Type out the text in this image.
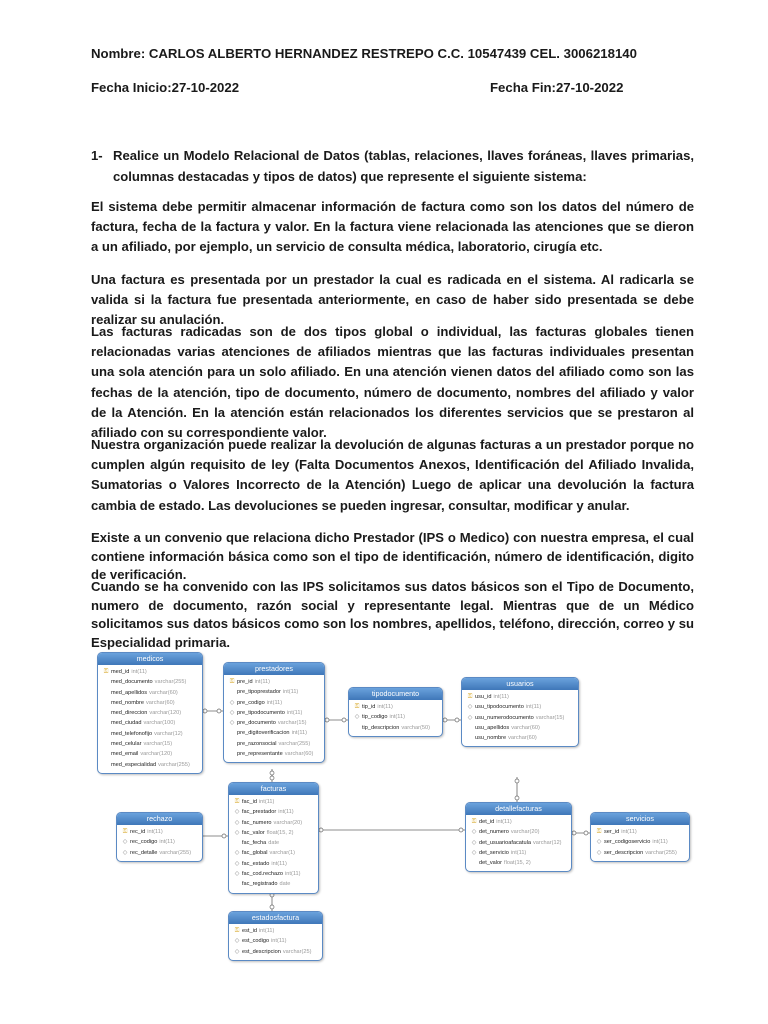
Nombre: CARLOS ALBERTO HERNANDEZ RESTREPO C.C. 10547439 CEL. 3006218140
Fecha Inicio:27-10-2022	Fecha Fin:27-10-2022
1- Realice un Modelo Relacional de Datos (tablas, relaciones, llaves foráneas, llaves primarias, columnas destacadas y tipos de datos) que represente el siguiente sistema:
El sistema debe permitir almacenar información de factura como son los datos del número de factura, fecha de la factura y valor. En la factura viene relacionada las atenciones que se dieron a un afiliado, por ejemplo, un servicio de consulta médica, laboratorio, cirugía etc.
Una factura es presentada por un prestador la cual es radicada en el sistema. Al radicarla se valida si la factura fue presentada anteriormente, en caso de haber sido presentada se debe realizar su anulación.
Las facturas radicadas son de dos tipos global o individual, las facturas globales tienen relacionadas varias atenciones de afiliados mientras que las facturas individuales presentan una sola atención para un solo afiliado. En una atención vienen datos del afiliado como son las fechas de la atención, tipo de documento, número de documento, nombres del afiliado y valor de la Atención. En la atención están relacionados los diferentes servicios que se prestaron al afiliado con su correspondiente valor.
Nuestra organización puede realizar la devolución de algunas facturas a un prestador porque no cumplen algún requisito de ley (Falta Documentos Anexos, Identificación del Afiliado Invalida, Sumatorias o Valores Incorrecto de la Atención) Luego de aplicar una devolución la factura cambia de estado. Las devoluciones se pueden ingresar, consultar, modificar y anular.
Existe a un convenio que relaciona dicho Prestador (IPS o Medico) con nuestra empresa, el cual contiene información básica como son el tipo de identificación, número de identificación, digito de verificación.
Cuando se ha convenido con las IPS solicitamos sus datos básicos son el Tipo de Documento, numero de documento, razón social y representante legal. Mientras que de un Médico solicitamos sus datos básicos como son los nombres, apellidos, teléfono, dirección, correo y su Especialidad primaria.
medicos
⚿ med_id int(11)
med_documento varchar(255)
med_apellidos varchar(60)
med_nombre varchar(60)
med_direccion varchar(120)
med_ciudad varchar(100)
med_telefonofijo varchar(12)
med_celular varchar(15)
med_email varchar(120)
med_especialidad varchar(255)
prestadores
⚿ pre_id int(11)
pre_tipoprestador int(11)
◇ pre_codigo int(11)
◇ pre_tipodocumento int(11)
◇ pre_documento varchar(15)
pre_digitoverificacion int(11)
pre_razonsocial varchar(255)
pre_representante varchar(60)
tipodocumento
⚿ tip_id int(11)
◇ tip_codigo int(11)
tip_descripcion varchar(50)
usuarios
⚿ usu_id int(11)
◇ usu_tipodocumento int(11)
◇ usu_numerodocumento varchar(15)
usu_apellidos varchar(60)
usu_nombre varchar(60)
facturas
⚿ fac_id int(11)
◇ fac_prestador int(11)
◇ fac_numero varchar(20)
◇ fac_valor float(15, 2)
fac_fecha date
◇ fac_global varchar(1)
◇ fac_estado int(11)
◇ fac_cod.rechazo int(11)
fac_registrado date
rechazo
⚿ rec_id int(11)
◇ rec_codigo int(11)
◇ rec_detalle varchar(255)
detallefacturas
⚿ det_id int(11)
◇ det_numero varchar(20)
◇ det_usuarioafacatula varchar(12)
◇ det_servicio int(11)
det_valor float(15, 2)
servicios
⚿ ser_id int(11)
◇ ser_codigoservicio int(11)
◇ ser_descripcion varchar(255)
estadosfactura
⚿ est_id int(11)
◇ est_codigo int(11)
◇ est_descripcion varchar(25)
